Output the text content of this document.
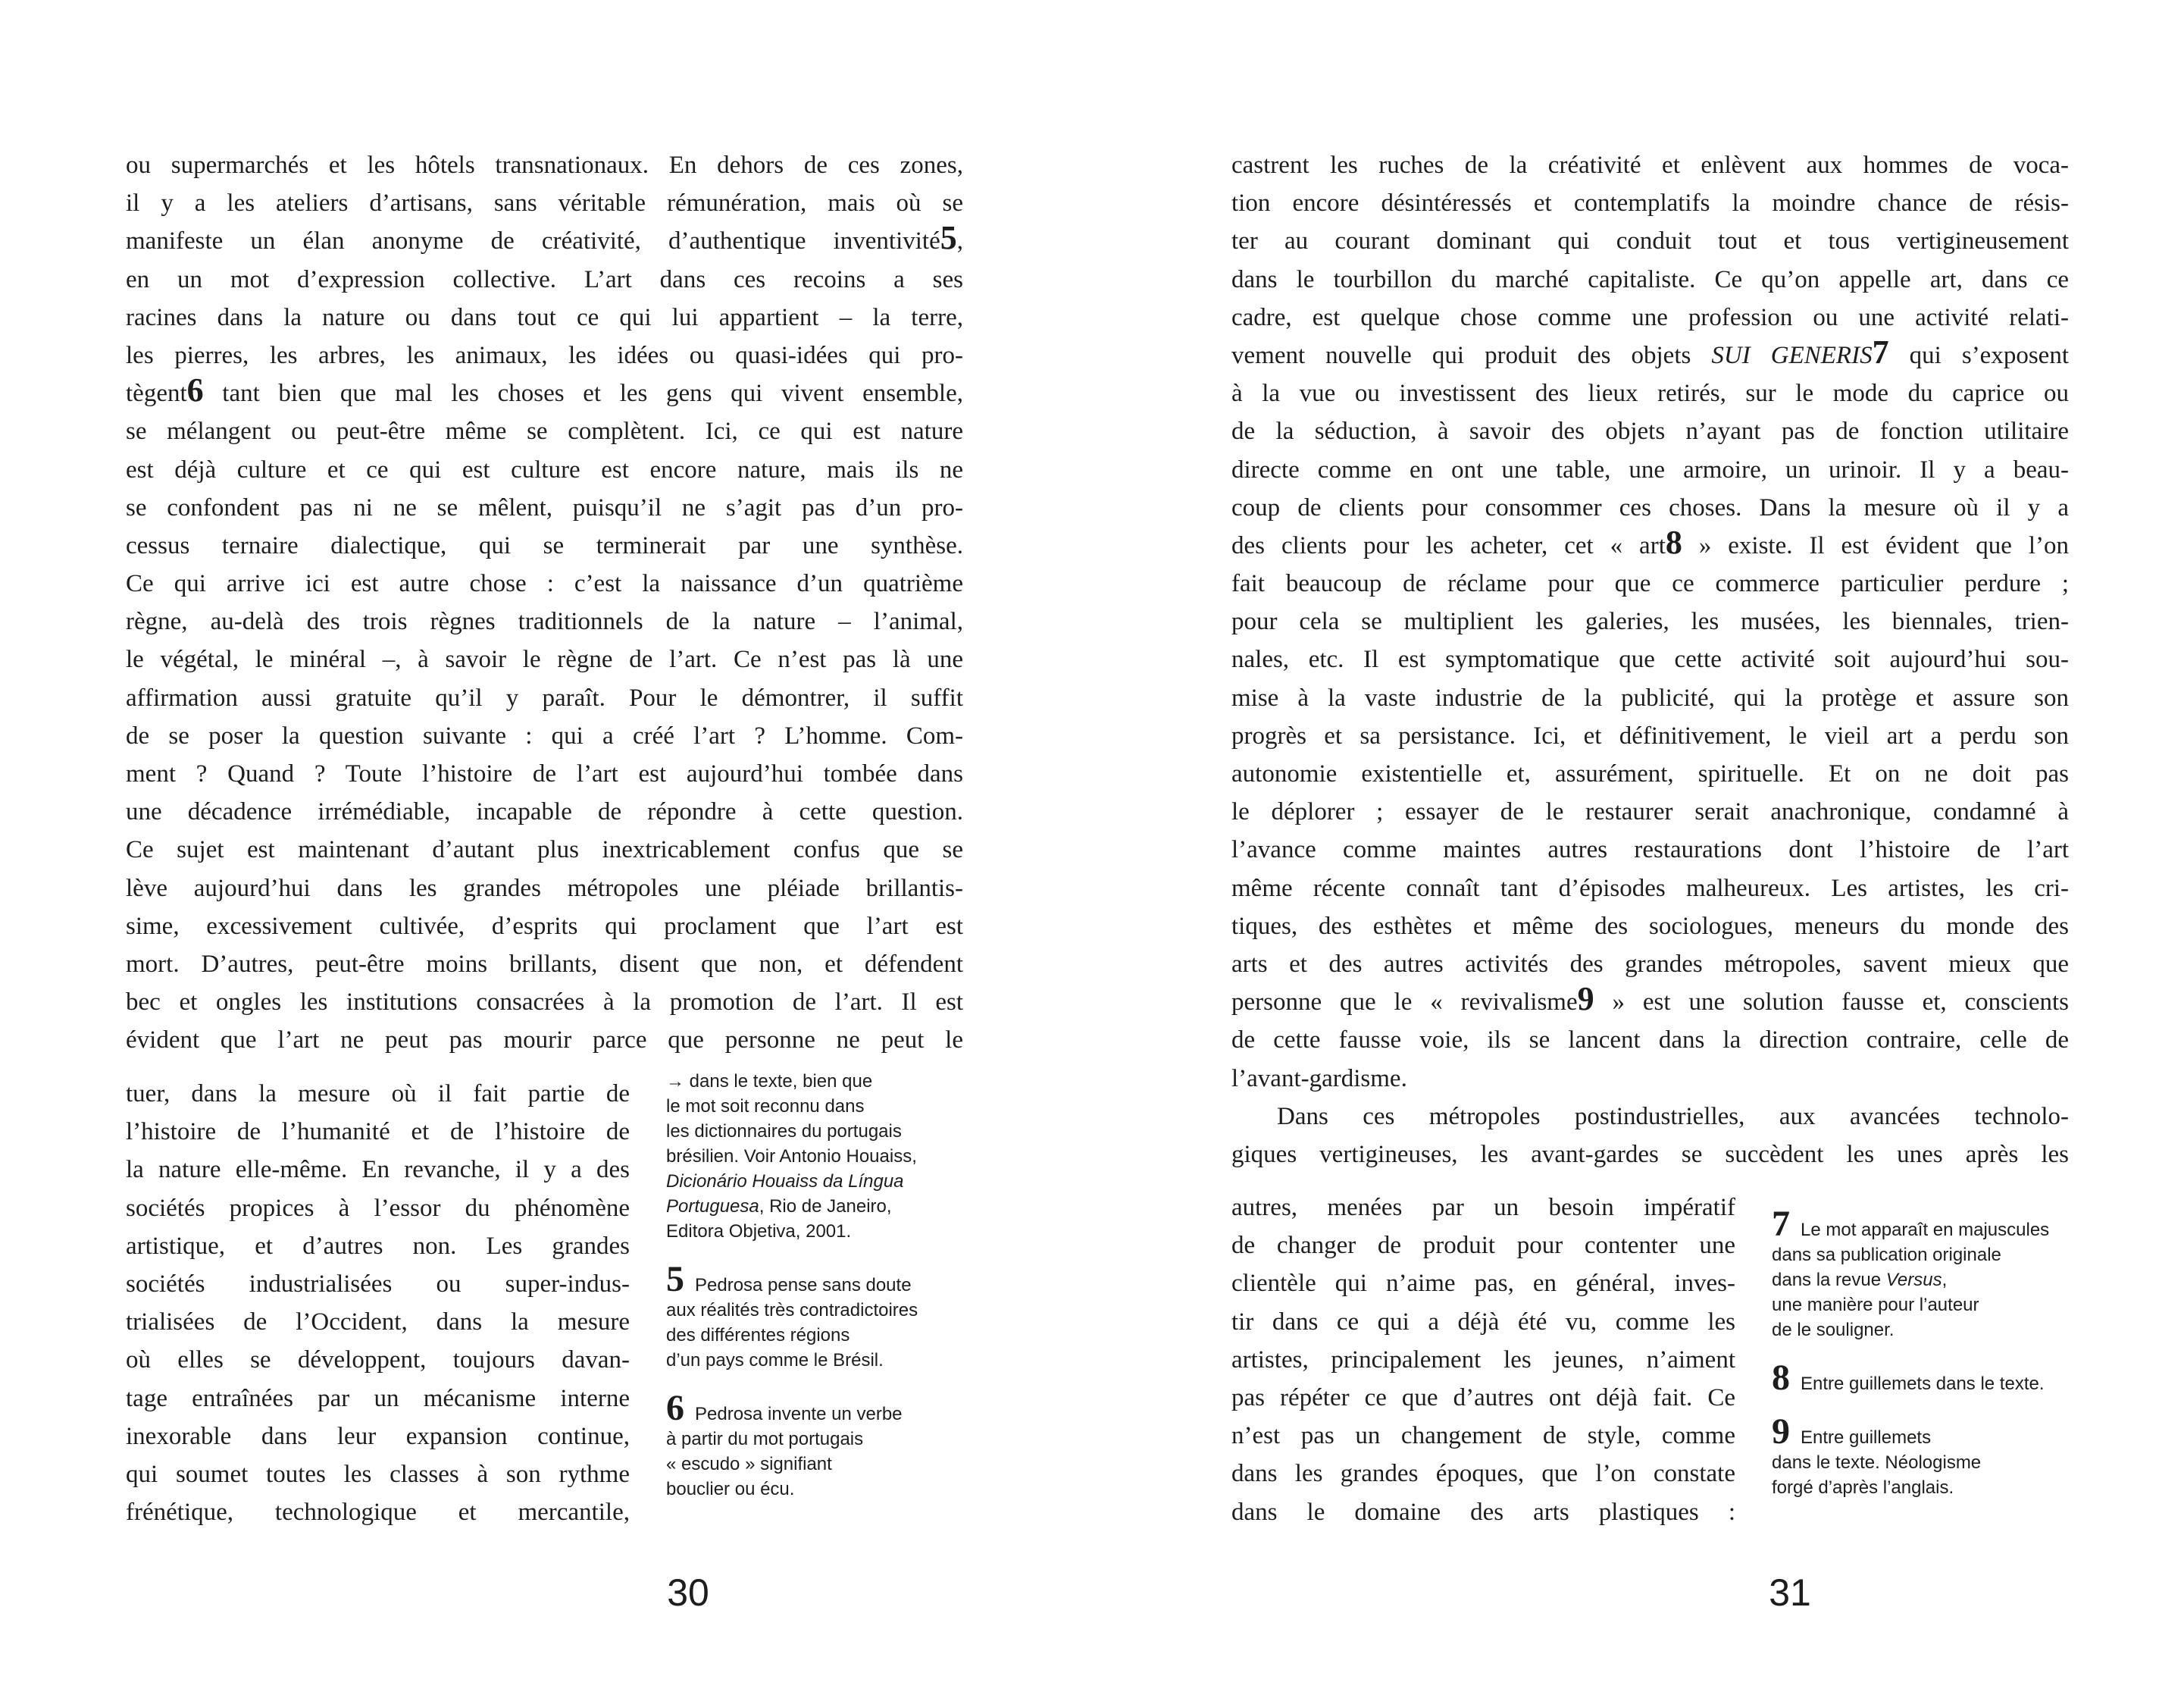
ou supermarchés et les hôtels transnationaux. En dehors de ces zones,
il y a les ateliers d’artisans, sans véritable rémunération, mais où se
manifeste un élan anonyme de créativité, d’authentique inventivité5,
en un mot d’expression collective. L’art dans ces recoins a ses
racines dans la nature ou dans tout ce qui lui appartient – la terre,
les pierres, les arbres, les animaux, les idées ou quasi-idées qui pro-
tègent6 tant bien que mal les choses et les gens qui vivent ensemble,
se mélangent ou peut-être même se complètent. Ici, ce qui est nature
est déjà culture et ce qui est culture est encore nature, mais ils ne
se confondent pas ni ne se mêlent, puisqu’il ne s’agit pas d’un pro-
cessus ternaire dialectique, qui se terminerait par une synthèse.
Ce qui arrive ici est autre chose : c’est la naissance d’un quatrième
règne, au-delà des trois règnes traditionnels de la nature – l’animal,
le végétal, le minéral –, à savoir le règne de l’art. Ce n’est pas là une
affirmation aussi gratuite qu’il y paraît. Pour le démontrer, il suffit
de se poser la question suivante : qui a créé l’art ? L’homme. Com-
ment ? Quand ? Toute l’histoire de l’art est aujourd’hui tombée dans
une décadence irrémédiable, incapable de répondre à cette question.
Ce sujet est maintenant d’autant plus inextricablement confus que se
lève aujourd’hui dans les grandes métropoles une pléiade brillantis-
sime, excessivement cultivée, d’esprits qui proclament que l’art est
mort. D’autres, peut-être moins brillants, disent que non, et défendent
bec et ongles les institutions consacrées à la promotion de l’art. Il est
évident que l’art ne peut pas mourir parce que personne ne peut le
tuer, dans la mesure où il fait partie de
l’histoire de l’humanité et de l’histoire de
la nature elle-même. En revanche, il y a des
sociétés propices à l’essor du phénomène
artistique, et d’autres non. Les grandes
sociétés industrialisées ou super-indus-
trialisées de l’Occident, dans la mesure
où elles se développent, toujours davan-
tage entraînées par un mécanisme interne
inexorable dans leur expansion continue,
qui soumet toutes les classes à son rythme
frénétique, technologique et mercantile,
→ dans le texte, bien que
le mot soit reconnu dans
les dictionnaires du portugais
brésilien. Voir Antonio Houaiss,
Dicionário Houaiss da Língua
Portuguesa, Rio de Janeiro,
Editora Objetiva, 2001.
5 Pedrosa pense sans doute
aux réalités très contradictoires
des différentes régions
d’un pays comme le Brésil.
6 Pedrosa invente un verbe
à partir du mot portugais
« escudo » signifiant
bouclier ou écu.
30
castrent les ruches de la créativité et enlèvent aux hommes de voca-
tion encore désintéressés et contemplatifs la moindre chance de résis-
ter au courant dominant qui conduit tout et tous vertigineusement
dans le tourbillon du marché capitaliste. Ce qu’on appelle art, dans ce
cadre, est quelque chose comme une profession ou une activité relati-
vement nouvelle qui produit des objets SUI GENERIS7 qui s’exposent
à la vue ou investissent des lieux retirés, sur le mode du caprice ou
de la séduction, à savoir des objets n’ayant pas de fonction utilitaire
directe comme en ont une table, une armoire, un urinoir. Il y a beau-
coup de clients pour consommer ces choses. Dans la mesure où il y a
des clients pour les acheter, cet « art8 » existe. Il est évident que l’on
fait beaucoup de réclame pour que ce commerce particulier perdure ;
pour cela se multiplient les galeries, les musées, les biennales, trien-
nales, etc. Il est symptomatique que cette activité soit aujourd’hui sou-
mise à la vaste industrie de la publicité, qui la protège et assure son
progrès et sa persistance. Ici, et définitivement, le vieil art a perdu son
autonomie existentielle et, assurément, spirituelle. Et on ne doit pas
le déplorer ; essayer de le restaurer serait anachronique, condamné à
l’avance comme maintes autres restaurations dont l’histoire de l’art
même récente connaît tant d’épisodes malheureux. Les artistes, les cri-
tiques, des esthètes et même des sociologues, meneurs du monde des
arts et des autres activités des grandes métropoles, savent mieux que
personne que le « revivalisme9 » est une solution fausse et, conscients
de cette fausse voie, ils se lancent dans la direction contraire, celle de
l’avant-gardisme.
Dans ces métropoles postindustrielles, aux avancées technolo-
giques vertigineuses, les avant-gardes se succèdent les unes après les
autres, menées par un besoin impératif
de changer de produit pour contenter une
clientèle qui n’aime pas, en général, inves-
tir dans ce qui a déjà été vu, comme les
artistes, principalement les jeunes, n’aiment
pas répéter ce que d’autres ont déjà fait. Ce
n’est pas un changement de style, comme
dans les grandes époques, que l’on constate
dans le domaine des arts plastiques :
7 Le mot apparaît en majuscules
dans sa publication originale
dans la revue Versus,
une manière pour l’auteur
de le souligner.
8 Entre guillemets dans le texte.
9 Entre guillemets
dans le texte. Néologisme
forgé d’après l’anglais.
31
